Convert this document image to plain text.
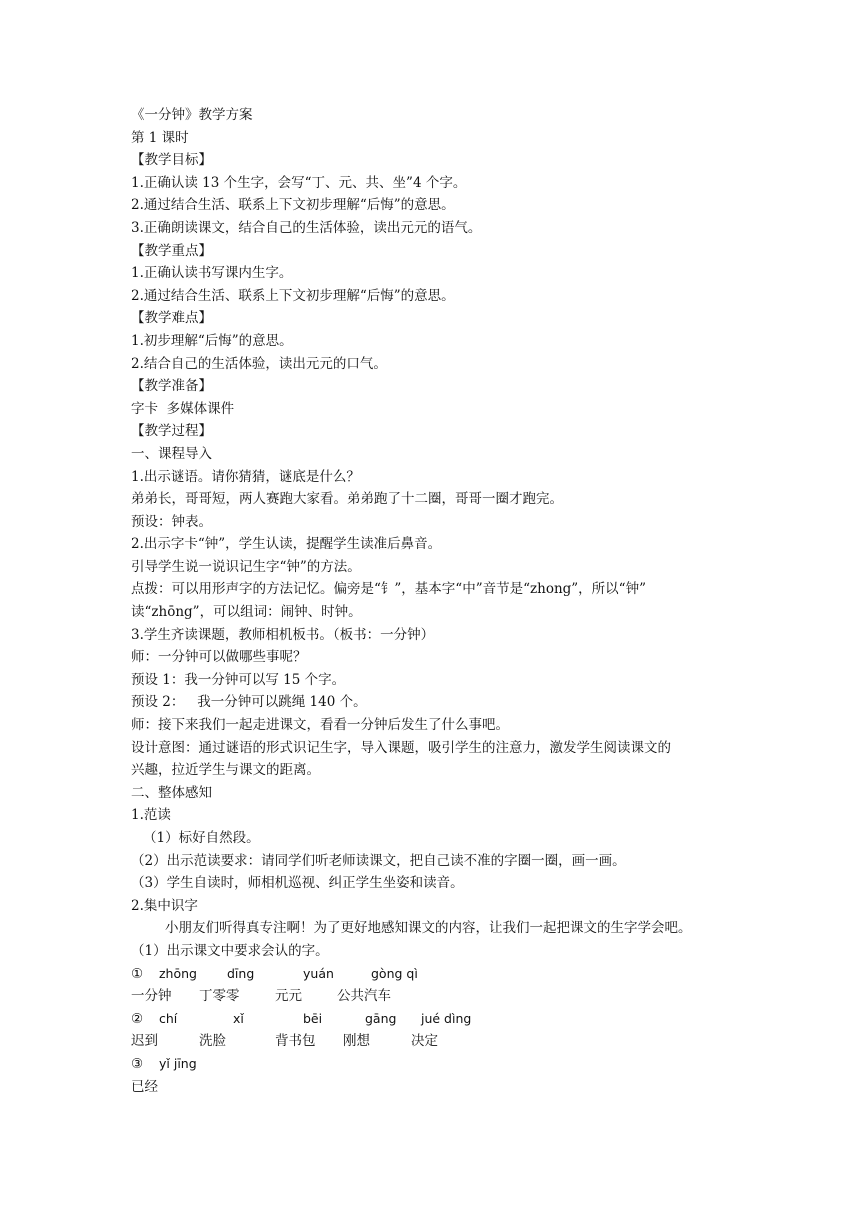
《一分钟》教学方案
第 1 课时
【教学目标】
1.正确认读 13 个生字，会写“丁、元、共、坐”4 个字。
2.通过结合生活、联系上下文初步理解“后悔”的意思。
3.正确朗读课文，结合自己的生活体验，读出元元的语气。
【教学重点】
1.正确认读书写课内生字。
2.通过结合生活、联系上下文初步理解“后悔”的意思。
【教学难点】
1.初步理解“后悔”的意思。
2.结合自己的生活体验，读出元元的口气。
【教学准备】
字卡  多媒体课件
【教学过程】
一、课程导入
1.出示谜语。请你猜猜，谜底是什么？
弟弟长，哥哥短，两人赛跑大家看。弟弟跑了十二圈，哥哥一圈才跑完。
预设：钟表。
2.出示字卡“钟”，学生认读，提醒学生读准后鼻音。
引导学生说一说识记生字“钟”的方法。
点拨：可以用形声字的方法记忆。偏旁是“钅”，基本字“中”音节是“zhong”，所以“钟”
读“zhōng”，可以组词：闹钟、时钟。
3.学生齐读课题，教师相机板书。（板书：一分钟）
师：一分钟可以做哪些事呢？
预设 1：我一分钟可以写 15 个字。
预设 2：   我一分钟可以跳绳 140 个。
师：接下来我们一起走进课文，看看一分钟后发生了什么事吧。
设计意图：通过谜语的形式识记生字，导入课题，吸引学生的注意力，激发学生阅读课文的
兴趣，拉近学生与课文的距离。
二、整体感知
1.范读
（1）标好自然段。
（2）出示范读要求：请同学们听老师读课文，把自己读不准的字圈一圈，画一画。
（3）学生自读时，师相机巡视、纠正学生坐姿和读音。
2.集中识字
小朋友们听得真专注啊！为了更好地感知课文的内容，让我们一起把课文的生字学会吧。
（1）出示课文中要求会认的字。
① zhōng dīng	yuán	gòng qì
一分钟 丁零零	元元	公共汽车
② chí	xǐ	bēi	gāng jué dìng
迟到	洗脸	背书包 刚想	决定
③ yǐ jīng
已经
